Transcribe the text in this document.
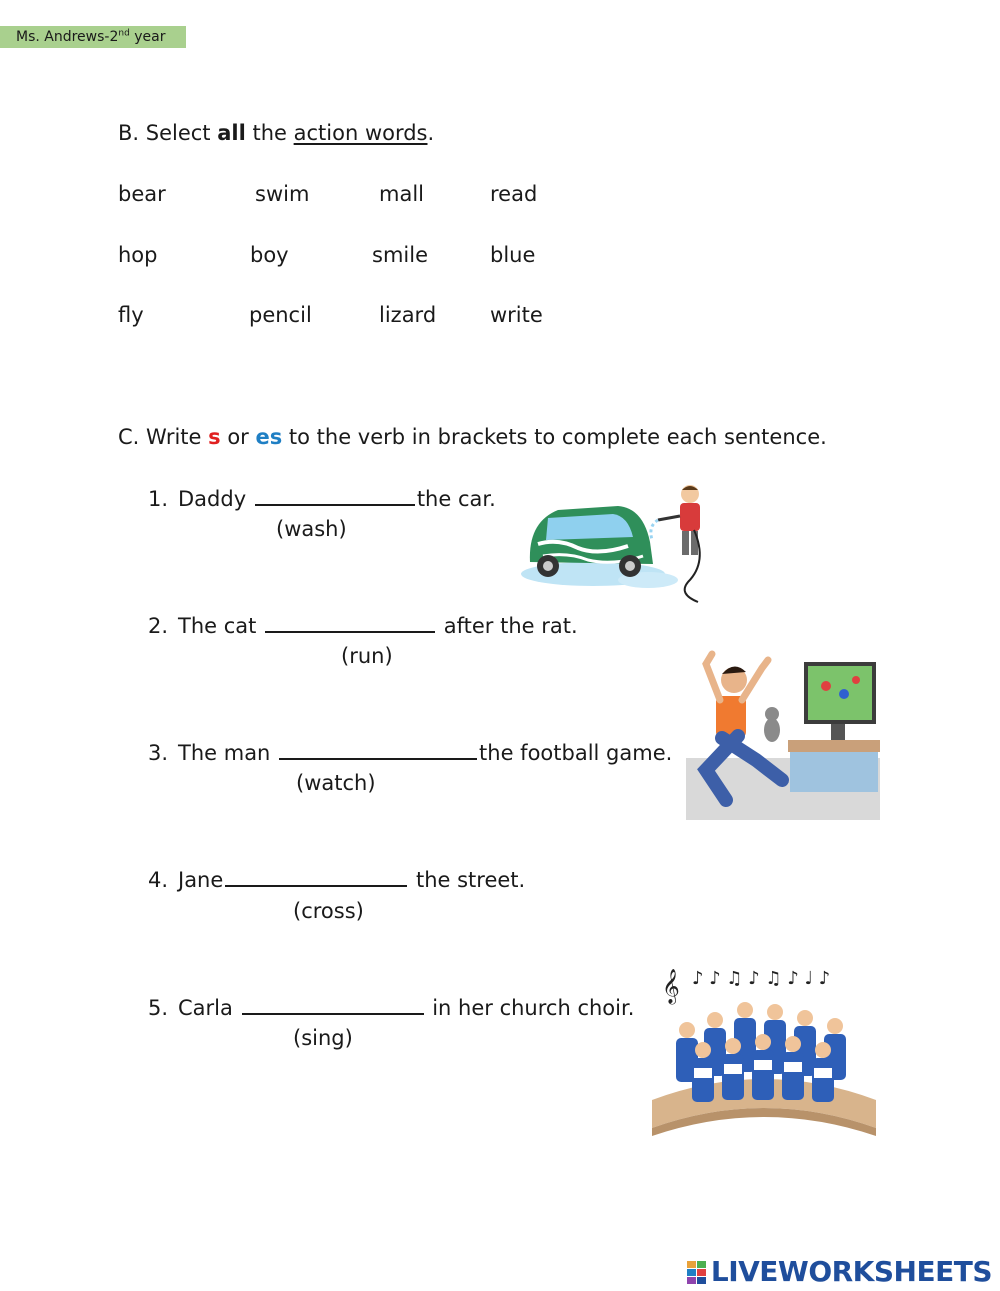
Ms. Andrews-2nd year
B. Select all the action words.
bear	swim	mall	read
hop	boy	smile	blue
fly	pencil	lizard	write
C. Write s or es to the verb in brackets to complete each sentence.
1. Daddy	the car.
(wash)
2. The cat	after the rat.
(run)
3. The man	the football game.
(watch)
4. Jane	the street.
(cross)
5. Carla	in her church choir.
(sing)
𝄞 ♪ ♪ ♫ ♪ ♫ ♪ ♩ ♪
LIVEWORKSHEETS
